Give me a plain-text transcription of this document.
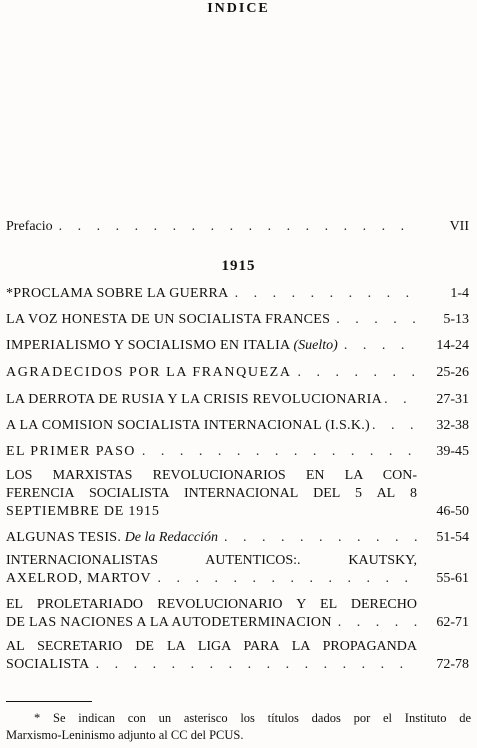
INDICE
Prefacio . . .	VII
1915
*PROCLAMA SOBRE LA GUERRA . . .	1-4
LA VOZ HONESTA DE UN SOCIALISTA FRANCES . . .	5-13
IMPERIALISMO Y SOCIALISMO EN ITALIA (Suelto) . . .	14-24
AGRADECIDOS POR LA FRANQUEZA . . .	25-26
LA DERROTA DE RUSIA Y LA CRISIS REVOLUCIONARIA . . .	27-31
A LA COMISION SOCIALISTA INTERNACIONAL (I.S.K.) . . .	32-38
EL PRIMER PASO . . .	39-45
LOS MARXISTAS REVOLUCIONARIOS EN LA CON-
FERENCIA SOCIALISTA INTERNACIONAL DEL 5 AL 8
SEPTIEMBRE DE 1915	46-50
ALGUNAS TESIS. De la Redacción . . .	51-54
INTERNACIONALISTAS AUTENTICOS:. KAUTSKY,
AXELROD, MARTOV . . .	55-61
EL PROLETARIADO REVOLUCIONARIO Y EL DERECHO
DE LAS NACIONES A LA AUTODETERMINACION . . .	62-71
AL SECRETARIO DE LA LIGA PARA LA PROPAGANDA
SOCIALISTA . . .	72-78
* Se indican con un asterisco los títulos dados por el Instituto de
Marxismo-Leninismo adjunto al CC del PCUS.
